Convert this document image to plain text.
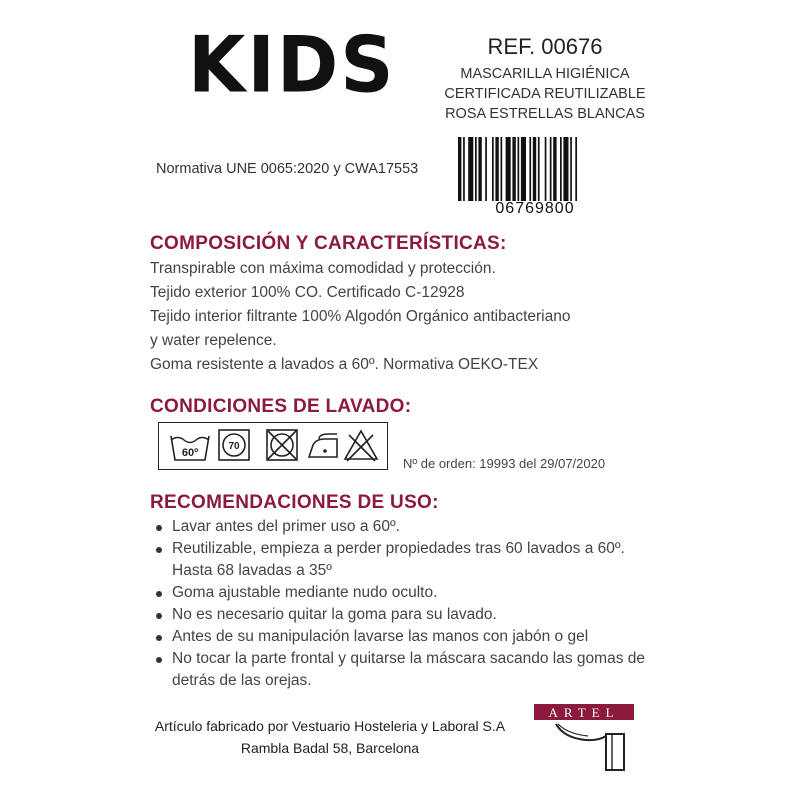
KIDS	REF. 00676
MASCARILLA HIGIÉNICA
CERTIFICADA REUTILIZABLE
ROSA ESTRELLAS BLANCAS
Normativa UNE 0065:2020 y CWA17553
06769800
COMPOSICIÓN Y CARACTERÍSTICAS:
Transpirable con máxima comodidad y protección.
Tejido exterior 100% CO. Certificado C-12928
Tejido interior filtrante 100% Algodón Orgánico antibacteriano
y water repelence.
Goma resistente a lavados a 60º. Normativa OEKO-TEX
CONDICIONES DE LAVADO:
60º
70
Nº de orden: 19993 del 29/07/2020
RECOMENDACIONES DE USO:
Lavar antes del primer uso a 60º.
Reutilizable, empieza a perder propiedades tras 60 lavados a 60º.
Hasta 68 lavadas a 35º
Goma ajustable mediante nudo oculto.
No es necesario quitar la goma para su lavado.
Antes de su manipulación lavarse las manos con jabón o gel
No tocar la parte frontal y quitarse la máscara sacando las gomas de
detrás de las orejas.
Artículo fabricado por Vestuario Hosteleria y Laboral S.A
Rambla Badal 58, Barcelona
ARTEL
